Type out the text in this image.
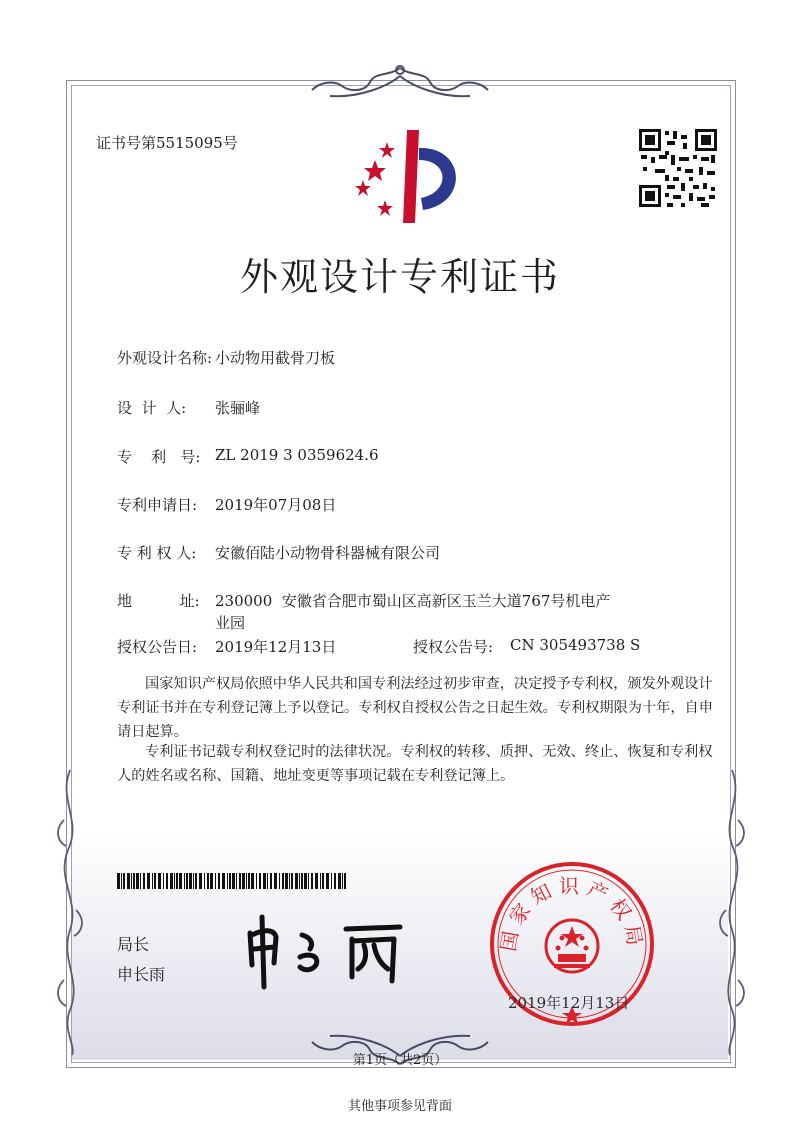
证书号第5515095号
外观设计专利证书
外观设计名称: 小动物用截骨刀板
设  计  人: 张骊峰
专    利   号: ZL 2019 3 0359624.6
专利申请日: 2019年07月08日
专 利 权 人: 安徽佰陆小动物骨科器械有限公司
地          址: 230000  安徽省合肥市蜀山区高新区玉兰大道767号机电产
业园
授权公告日: 2019年12月13日	授权公告号: CN 305493738 S
国家知识产权局依照中华人民共和国专利法经过初步审查，决定授予专利权，颁发外观设计专利证书并在专利登记簿上予以登记。专利权自授权公告之日起生效。专利权期限为十年，自申请日起算。
专利证书记载专利权登记时的法律状况。专利权的转移、质押、无效、终止、恢复和专利权人的姓名或名称、国籍、地址变更等事项记载在专利登记簿上。
局长
申长雨
国家知识产权局
2019年12月13日
第1页（共2页）
其他事项参见背面
